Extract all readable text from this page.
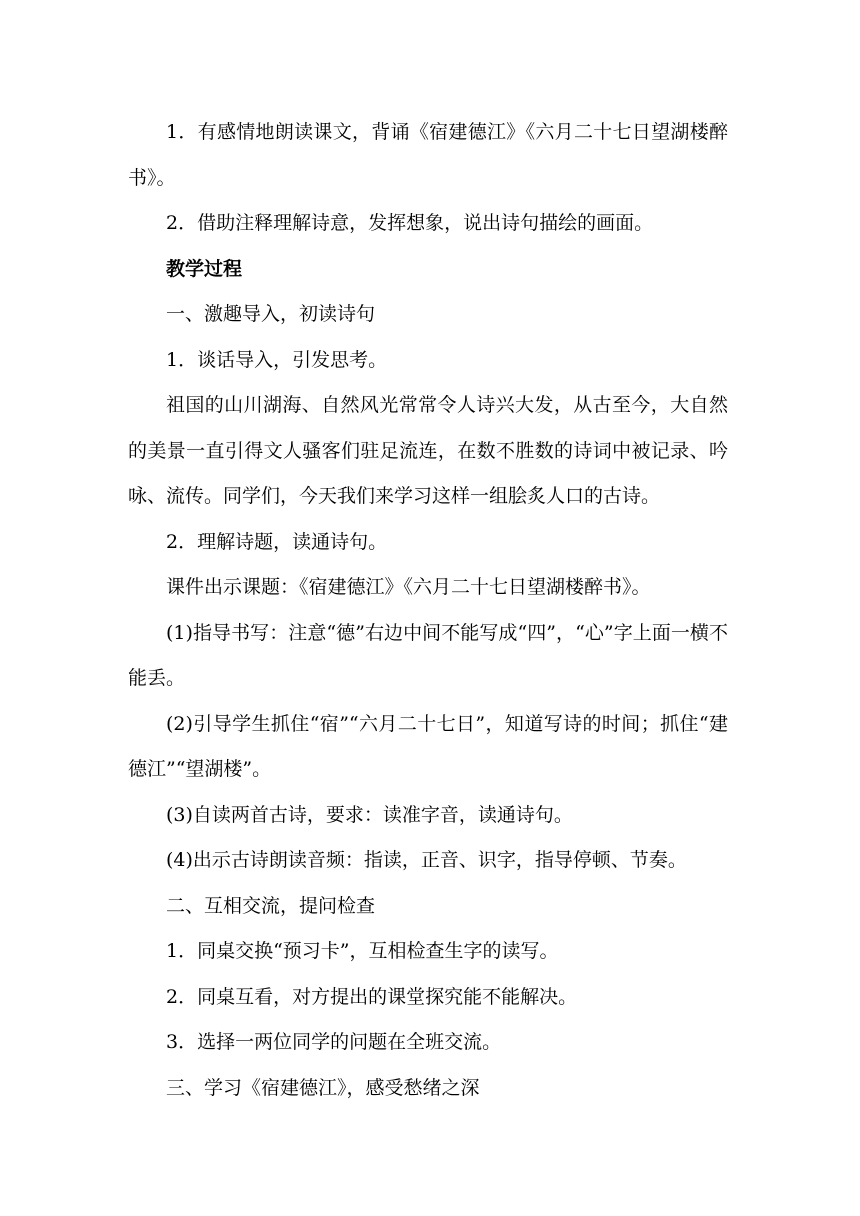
1．有感情地朗读课文，背诵《宿建德江》《六月二十七日望湖楼醉书》。

2．借助注释理解诗意，发挥想象，说出诗句描绘的画面。

教学过程

一、激趣导入，初读诗句

1．谈话导入，引发思考。

祖国的山川湖海、自然风光常常令人诗兴大发，从古至今，大自然的美景一直引得文人骚客们驻足流连，在数不胜数的诗词中被记录、吟咏、流传。同学们，今天我们来学习这样一组脍炙人口的古诗。

2．理解诗题，读通诗句。

课件出示课题：《宿建德江》《六月二十七日望湖楼醉书》。

(1)指导书写：注意“德”右边中间不能写成“四”，“心”字上面一横不能丢。

(2)引导学生抓住“宿”“六月二十七日”，知道写诗的时间；抓住“建德江”“望湖楼”。

(3)自读两首古诗，要求：读准字音，读通诗句。

(4)出示古诗朗读音频：指读，正音、识字，指导停顿、节奏。

二、互相交流，提问检查

1．同桌交换“预习卡”，互相检查生字的读写。

2．同桌互看，对方提出的课堂探究能不能解决。

3．选择一两位同学的问题在全班交流。

三、学习《宿建德江》，感受愁绪之深
